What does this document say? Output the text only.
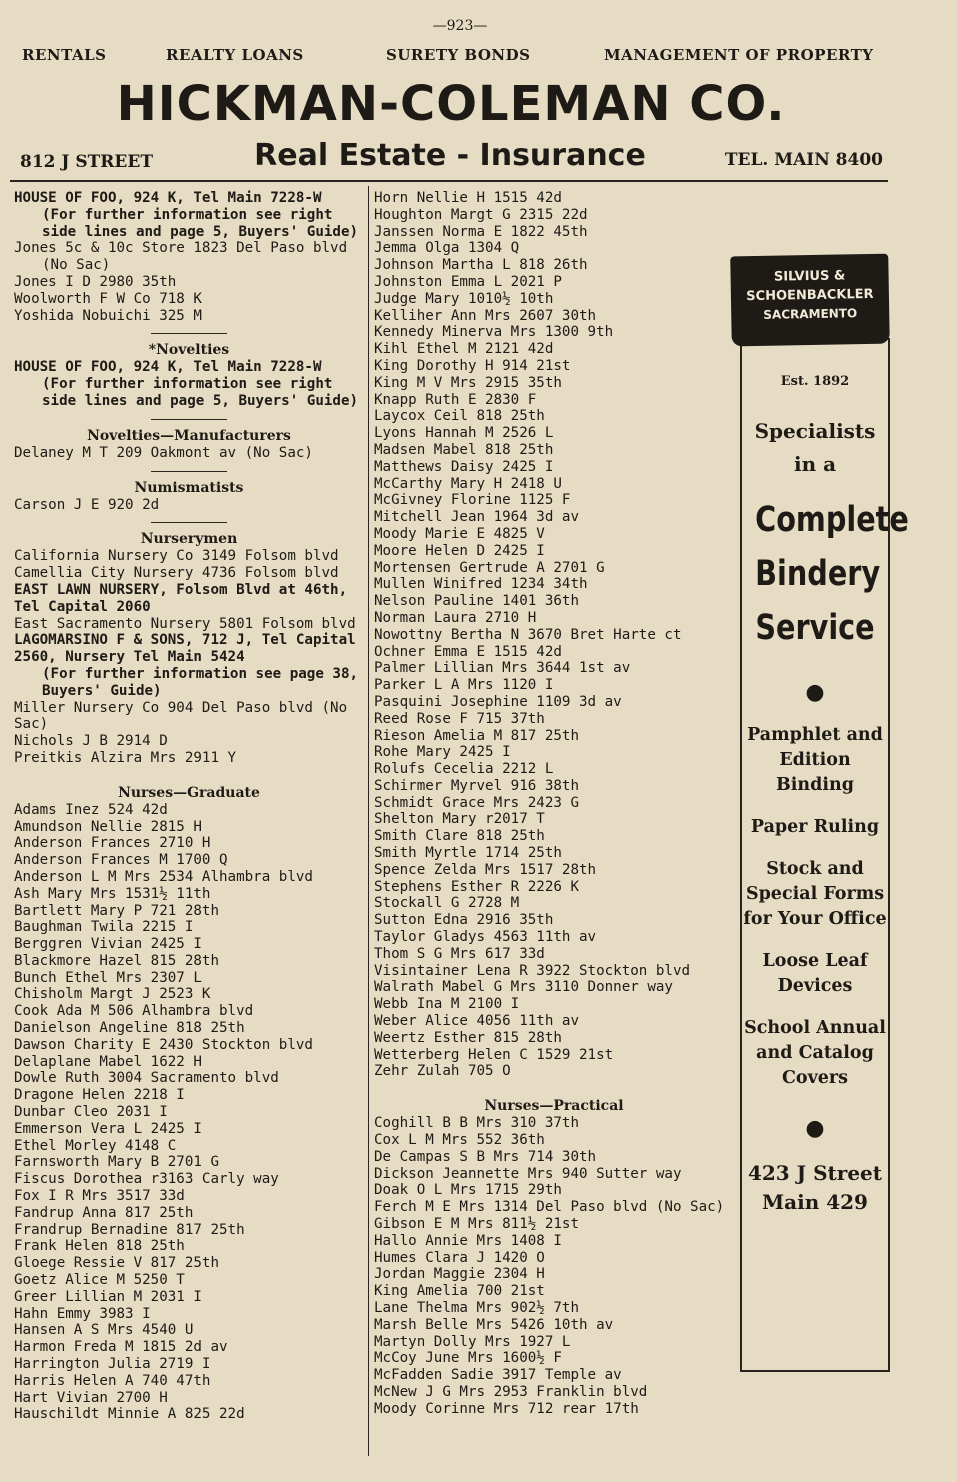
—923—
RENTALS	REALTY LOANS	SURETY BONDS	MANAGEMENT OF PROPERTY
HICKMAN-COLEMAN CO.
812 J STREET	Real Estate - Insurance	TEL. MAIN 8400
HOUSE OF FOO, 924 K, Tel Main 7228-W
(For further information see right side lines and page 5, Buyers' Guide)
Jones 5c & 10c Store 1823 Del Paso blvd
(No Sac)
Jones I D 2980 35th
Woolworth F W Co 718 K
Yoshida Nobuichi 325 M
*Novelties
HOUSE OF FOO, 924 K, Tel Main 7228-W
(For further information see right side lines and page 5, Buyers' Guide)
Novelties—Manufacturers
Delaney M T 209 Oakmont av (No Sac)
Numismatists
Carson J E 920 2d
Nurserymen
California Nursery Co 3149 Folsom blvd
Camellia City Nursery 4736 Folsom blvd
EAST LAWN NURSERY, Folsom Blvd at 46th, Tel Capital 2060
East Sacramento Nursery 5801 Folsom blvd
LAGOMARSINO F & SONS, 712 J, Tel Capital 2560, Nursery Tel Main 5424
(For further information see page 38, Buyers' Guide)
Miller Nursery Co 904 Del Paso blvd (No Sac)
Nichols J B 2914 D
Preitkis Alzira Mrs 2911 Y
Nurses—Graduate
Adams Inez 524 42d
Amundson Nellie 2815 H
Anderson Frances 2710 H
Anderson Frances M 1700 Q
Anderson L M Mrs 2534 Alhambra blvd
Ash Mary Mrs 1531½ 11th
Bartlett Mary P 721 28th
Baughman Twila 2215 I
Berggren Vivian 2425 I
Blackmore Hazel 815 28th
Bunch Ethel Mrs 2307 L
Chisholm Margt J 2523 K
Cook Ada M 506 Alhambra blvd
Danielson Angeline 818 25th
Dawson Charity E 2430 Stockton blvd
Delaplane Mabel 1622 H
Dowle Ruth 3004 Sacramento blvd
Dragone Helen 2218 I
Dunbar Cleo 2031 I
Emmerson Vera L 2425 I
Ethel Morley 4148 C
Farnsworth Mary B 2701 G
Fiscus Dorothea r3163 Carly way
Fox I R Mrs 3517 33d
Fandrup Anna 817 25th
Frandrup Bernadine 817 25th
Frank Helen 818 25th
Gloege Ressie V 817 25th
Goetz Alice M 5250 T
Greer Lillian M 2031 I
Hahn Emmy 3983 I
Hansen A S Mrs 4540 U
Harmon Freda M 1815 2d av
Harrington Julia 2719 I
Harris Helen A 740 47th
Hart Vivian 2700 H
Hauschildt Minnie A 825 22d
Horn Nellie H 1515 42d
Houghton Margt G 2315 22d
Janssen Norma E 1822 45th
Jemma Olga 1304 Q
Johnson Martha L 818 26th
Johnston Emma L 2021 P
Judge Mary 1010½ 10th
Kelliher Ann Mrs 2607 30th
Kennedy Minerva Mrs 1300 9th
Kihl Ethel M 2121 42d
King Dorothy H 914 21st
King M V Mrs 2915 35th
Knapp Ruth E 2830 F
Laycox Ceil 818 25th
Lyons Hannah M 2526 L
Madsen Mabel 818 25th
Matthews Daisy 2425 I
McCarthy Mary H 2418 U
McGivney Florine 1125 F
Mitchell Jean 1964 3d av
Moody Marie E 4825 V
Moore Helen D 2425 I
Mortensen Gertrude A 2701 G
Mullen Winifred 1234 34th
Nelson Pauline 1401 36th
Norman Laura 2710 H
Nowottny Bertha N 3670 Bret Harte ct
Ochner Emma E 1515 42d
Palmer Lillian Mrs 3644 1st av
Parker L A Mrs 1120 I
Pasquini Josephine 1109 3d av
Reed Rose F 715 37th
Rieson Amelia M 817 25th
Rohe Mary 2425 I
Rolufs Cecelia 2212 L
Schirmer Myrvel 916 38th
Schmidt Grace Mrs 2423 G
Shelton Mary r2017 T
Smith Clare 818 25th
Smith Myrtle 1714 25th
Spence Zelda Mrs 1517 28th
Stephens Esther R 2226 K
Stockall G 2728 M
Sutton Edna 2916 35th
Taylor Gladys 4563 11th av
Thom S G Mrs 617 33d
Visintainer Lena R 3922 Stockton blvd
Walrath Mabel G Mrs 3110 Donner way
Webb Ina M 2100 I
Weber Alice 4056 11th av
Weertz Esther 815 28th
Wetterberg Helen C 1529 21st
Zehr Zulah 705 O
Nurses—Practical
Coghill B B Mrs 310 37th
Cox L M Mrs 552 36th
De Campas S B Mrs 714 30th
Dickson Jeannette Mrs 940 Sutter way
Doak O L Mrs 1715 29th
Ferch M E Mrs 1314 Del Paso blvd (No Sac)
Gibson E M Mrs 811½ 21st
Hallo Annie Mrs 1408 I
Humes Clara J 1420 O
Jordan Maggie 2304 H
King Amelia 700 21st
Lane Thelma Mrs 902½ 7th
Marsh Belle Mrs 5426 10th av
Martyn Dolly Mrs 1927 L
McCoy June Mrs 1600½ F
McFadden Sadie 3917 Temple av
McNew J G Mrs 2953 Franklin blvd
Moody Corinne Mrs 712 rear 17th
Est. 1892
Specialists in a
Complete
Bindery
Service
●
Pamphlet and Edition Binding
Paper Ruling
Stock and Special Forms for Your Office
Loose Leaf Devices
School Annual and Catalog Covers
●
423 J Street
Main 429
SILVIUS &
SCHOENBACKLER
SACRAMENTO
